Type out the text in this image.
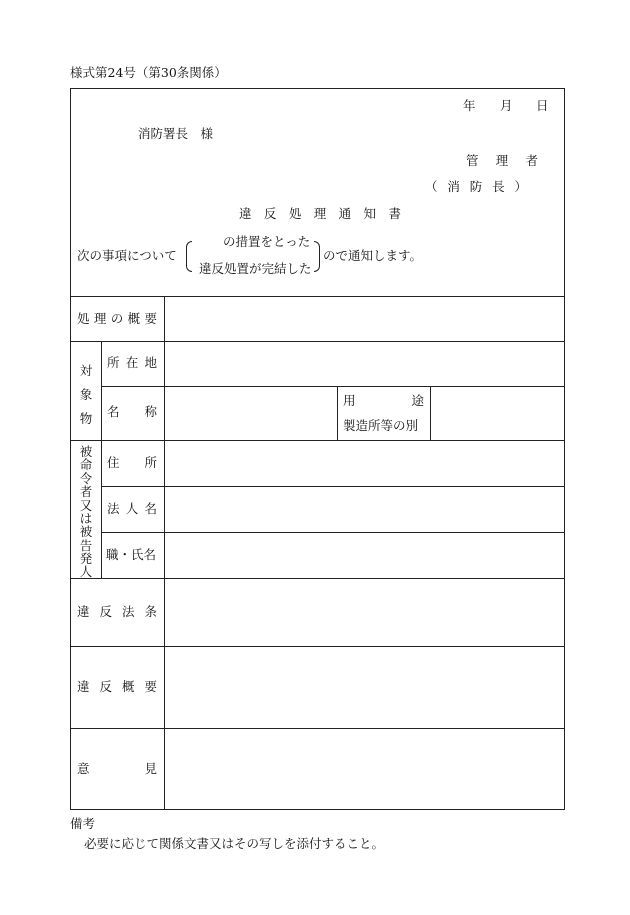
様式第24号（第30条関係）
年 月 日
消防署長　様
管 理 者
（ 消 防 長 ）
違 反 処 理 通 知 書
次の事項について
の措置をとった
違反処置が完結した
ので通知します。
処 理 の 概 要
対
象
物
所 在 地
名 称
用	途
製造所等の別
被
命
令
者
又
は
被
告
発
人
住 所
法 人 名
職・氏名
違 反 法 条
違 反 概 要
意	見
備考
必要に応じて関係文書又はその写しを添付すること。
